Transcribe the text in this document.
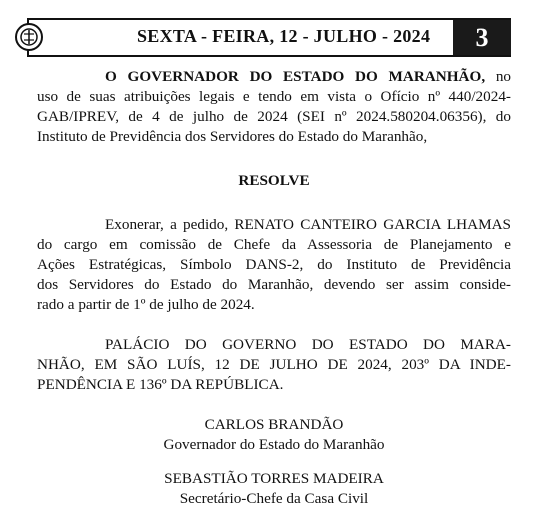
SEXTA - FEIRA, 12 - JULHO - 2024	3
O GOVERNADOR DO ESTADO DO MARANHÃO, no
uso de suas atribuições legais e tendo em vista o Ofício nº 440/2024-
GAB/IPREV, de 4 de julho de 2024 (SEI nº 2024.580204.06356), do
Instituto de Previdência dos Servidores do Estado do Maranhão,
RESOLVE
Exonerar, a pedido, RENATO CANTEIRO GARCIA LHAMAS
do cargo em comissão de Chefe da Assessoria de Planejamento e
Ações Estratégicas, Símbolo DANS-2, do Instituto de Previdência
dos Servidores do Estado do Maranhão, devendo ser assim conside-
rado a partir de 1º de julho de 2024.
PALÁCIO DO GOVERNO DO ESTADO DO MARA-
NHÃO, EM SÃO LUÍS, 12 DE JULHO DE 2024, 203º DA INDE-
PENDÊNCIA E 136º DA REPÚBLICA.
CARLOS BRANDÃO
Governador do Estado do Maranhão
SEBASTIÃO TORRES MADEIRA
Secretário-Chefe da Casa Civil
